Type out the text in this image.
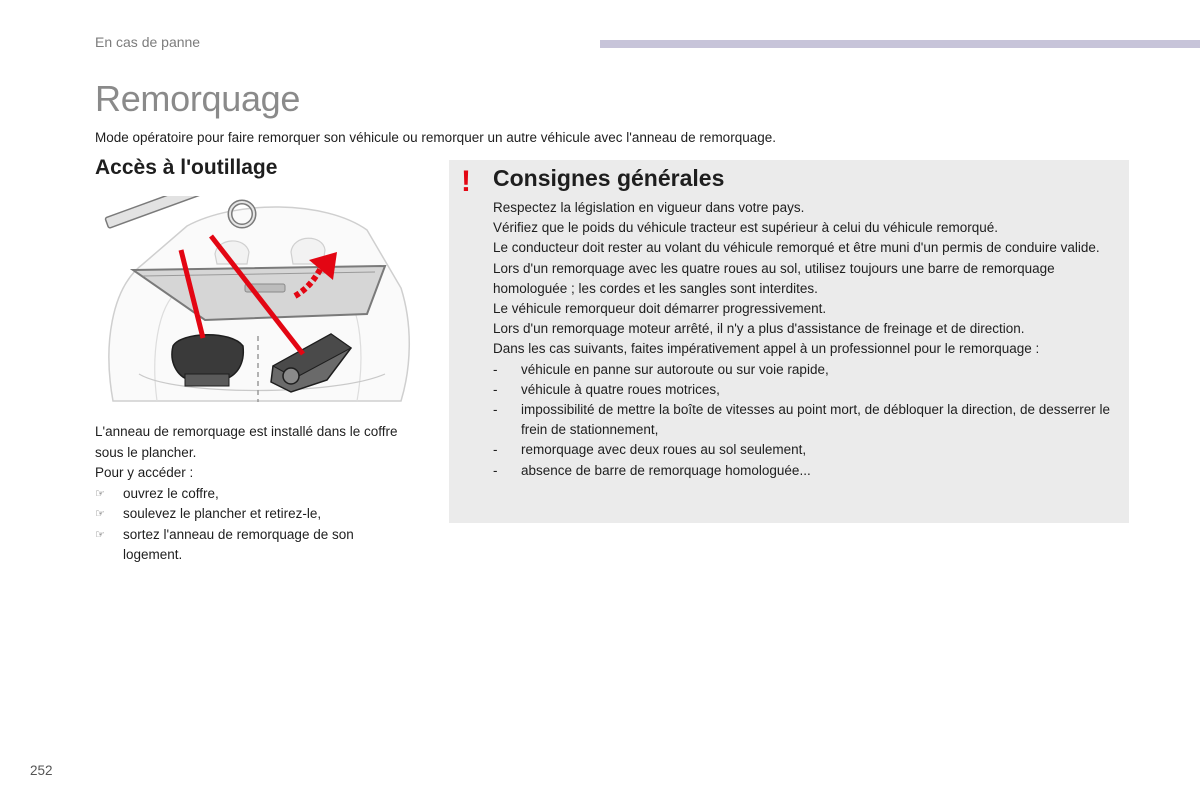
En cas de panne
Remorquage

Mode opératoire pour faire remorquer son véhicule ou remorquer un autre véhicule avec l'anneau de remorquage.

Accès à l'outillage

L'anneau de remorquage est installé dans le coffre sous le plancher.

Pour y accéder :

☞ ouvrez le coffre,
☞ soulevez le plancher et retirez-le,
☞ sortez l'anneau de remorquage de son logement.
! Consignes générales

Respectez la législation en vigueur dans votre pays.

Vérifiez que le poids du véhicule tracteur est supérieur à celui du véhicule remorqué.

Le conducteur doit rester au volant du véhicule remorqué et être muni d'un permis de conduire valide.

Lors d'un remorquage avec les quatre roues au sol, utilisez toujours une barre de remorquage homologuée ; les cordes et les sangles sont interdites.

Le véhicule remorqueur doit démarrer progressivement.

Lors d'un remorquage moteur arrêté, il n'y a plus d'assistance de freinage et de direction.

Dans les cas suivants, faites impérativement appel à un professionnel pour le remorquage :

- véhicule en panne sur autoroute ou sur voie rapide,
- véhicule à quatre roues motrices,
- impossibilité de mettre la boîte de vitesses au point mort, de débloquer la direction, de desserrer le frein de stationnement,
- remorquage avec deux roues au sol seulement,
- absence de barre de remorquage homologuée...
252
